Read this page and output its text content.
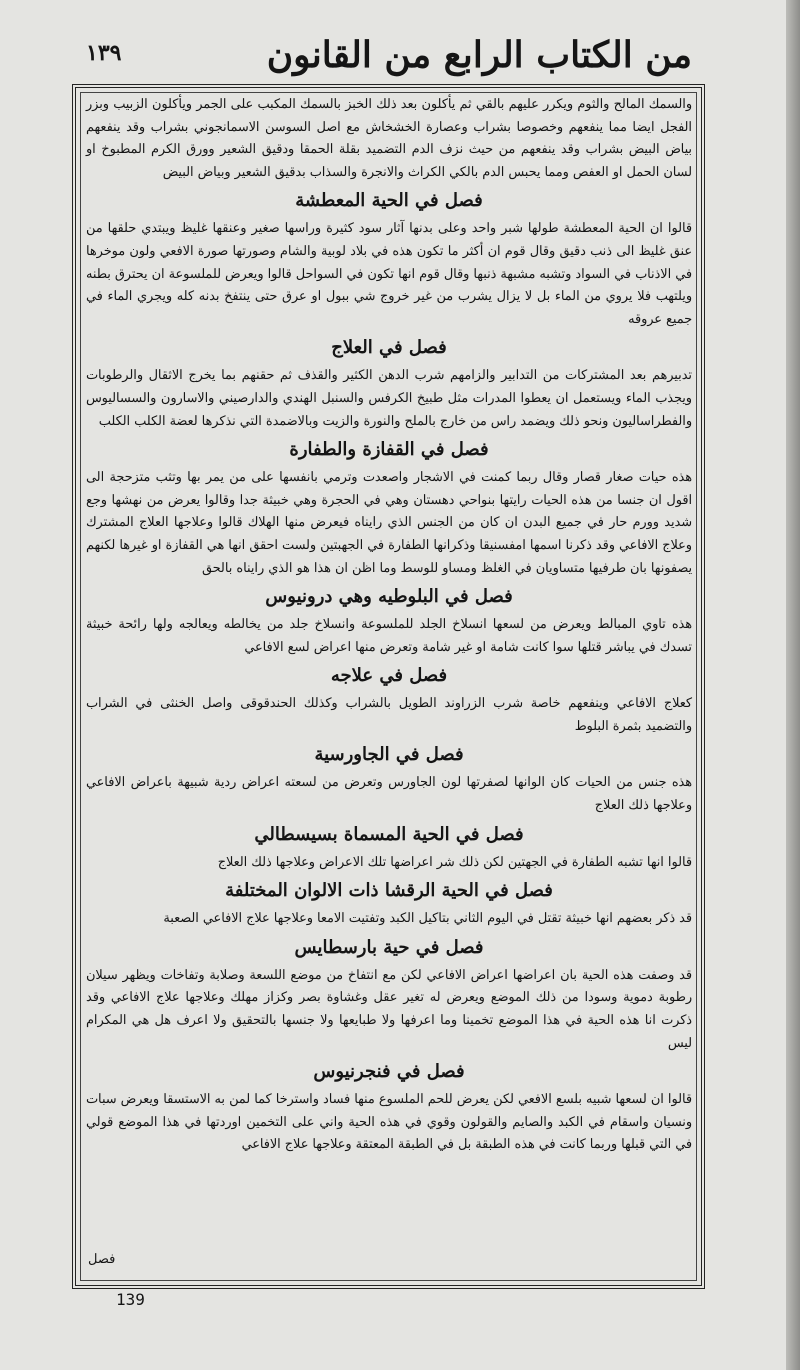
١٣٩	من الكتاب الرابع من القانون

والسمك المالح والثوم ويكرر عليهم بالقي ثم يأكلون بعد ذلك الخبز بالسمك المكبب على الجمر ويأكلون الزبيب وبزر الفجل ايضا مما ينفعهم وخصوصا بشراب وعصارة الخشخاش مع اصل السوسن الاسمانجوني بشراب وقد ينفعهم بياض البيض بشراب وقد ينفعهم من حيث نزف الدم التضميد بقلة الحمقا ودقيق الشعير وورق الكرم المطبوخ او لسان الحمل او العفص ومما يحبس الدم بالكي الكراث والانجرة والسذاب بدقيق الشعير وبياض البيض

فصل في الحية المعطشة

قالوا ان الحية المعطشة طولها شبر واحد وعلى بدنها آثار سود كثيرة وراسها صغير وعنقها غليظ ويبتدي حلقها من عنق غليظ الى ذنب دقيق وقال قوم ان أكثر ما تكون هذه في بلاد لوبية والشام وصورتها صورة الافعي ولون موخرها في الاذناب في السواد وتشبه مشبهة ذنبها وقال قوم انها تكون في السواحل قالوا ويعرض للملسوعة ان يحترق بطنه ويلتهب فلا يروي من الماء بل لا يزال يشرب من غير خروج شي ببول او عرق حتى ينتفخ بدنه كله ويجري الماء في جميع عروقه

فصل في العلاج

تدبيرهم بعد المشتركات من التدابير والزامهم شرب الدهن الكثير والقذف ثم حقنهم بما يخرج الاثقال والرطوبات ويجذب الماء ويستعمل ان يعطوا المدرات مثل طبيخ الكرفس والسنبل الهندي والدارصيني والاسارون والسساليوس والفطراساليون ونحو ذلك ويضمد راس من خارج بالملح والنورة والزيت وبالاضمدة التي نذكرها لعضة الكلب الكلب

فصل في القفازة والطفارة

هذه حيات صغار قصار وقال ربما كمنت في الاشجار واصعدت وترمي بانفسها على من يمر بها وتثب متزحجة الى اقول ان جنسا من هذه الحيات رايتها بنواحي دهستان وهي في الحجرة وهي خبيثة جدا وقالوا يعرض من نهشها وجع شديد وورم حار في جميع البدن ان كان من الجنس الذي رايناه فيعرض منها الهلاك قالوا وعلاجها العلاج المشترك وعلاج الافاعي وقد ذكرنا اسمها امفسنيقا وذكرانها الطفارة في الجهبتين ولست احقق انها هي القفازة او غيرها لكنهم يصفونها بان طرفيها متساويان في الغلظ ومساو للوسط وما اظن ان هذا هو الذي رايناه بالحق

فصل في البلوطيه وهي درونيوس

هذه تاوي المبالط ويعرض من لسعها انسلاخ الجلد للملسوعة وانسلاخ جلد من يخالطه ويعالجه ولها رائحة خبيثة تسدك في يباشر قتلها سوا كانت شامة او غير شامة وتعرض منها اعراض لسع الافاعي

فصل في علاجه

كعلاج الافاعي وينفعهم خاصة شرب الزراوند الطويل بالشراب وكذلك الحندقوقى واصل الخنثى في الشراب والتضميد بثمرة البلوط

فصل في الجاورسية

هذه جنس من الحيات كان الوانها لصفرتها لون الجاورس وتعرض من لسعته اعراض ردية شبيهة باعراض الافاعي وعلاجها ذلك العلاج

فصل في الحية المسماة بسيسطالي

قالوا انها تشبه الطفارة في الجهتين لكن ذلك شر اعراضها تلك الاعراض وعلاجها ذلك العلاج

فصل في الحية الرقشا ذات الالوان المختلفة

قد ذكر بعضهم انها خبيثة تقتل في اليوم الثاني بتاكيل الكبد وتفتيت الامعا وعلاجها علاج الافاعي الصعبة

فصل في حية بارسطايس

قد وصفت هذه الحية بان اعراضها اعراض الافاعي لكن مع انتفاخ من موضع اللسعة وصلابة وتفاخات ويظهر سيلان رطوبة دموية وسودا من ذلك الموضع ويعرض له تغير عقل وغشاوة بصر وكزاز مهلك وعلاجها علاج الافاعي وقد ذكرت انا هذه الحية في هذا الموضع تخمينا وما اعرفها ولا طبايعها ولا جنسها بالتحقيق ولا اعرف هل هي المكرام ليس

فصل في فنجرنيوس

قالوا ان لسعها شبيه بلسع الافعي لكن يعرض للحم الملسوع منها فساد واسترخا كما لمن به الاستسقا ويعرض سبات ونسيان واسقام في الكبد والصايم والقولون وقوي في هذه الحية واني على التخمين اوردتها في هذا الموضع قولي في التي قبلها وربما كانت في هذه الطبقة بل في الطبقة المعتقة وعلاجها علاج الافاعي

فصل
139
